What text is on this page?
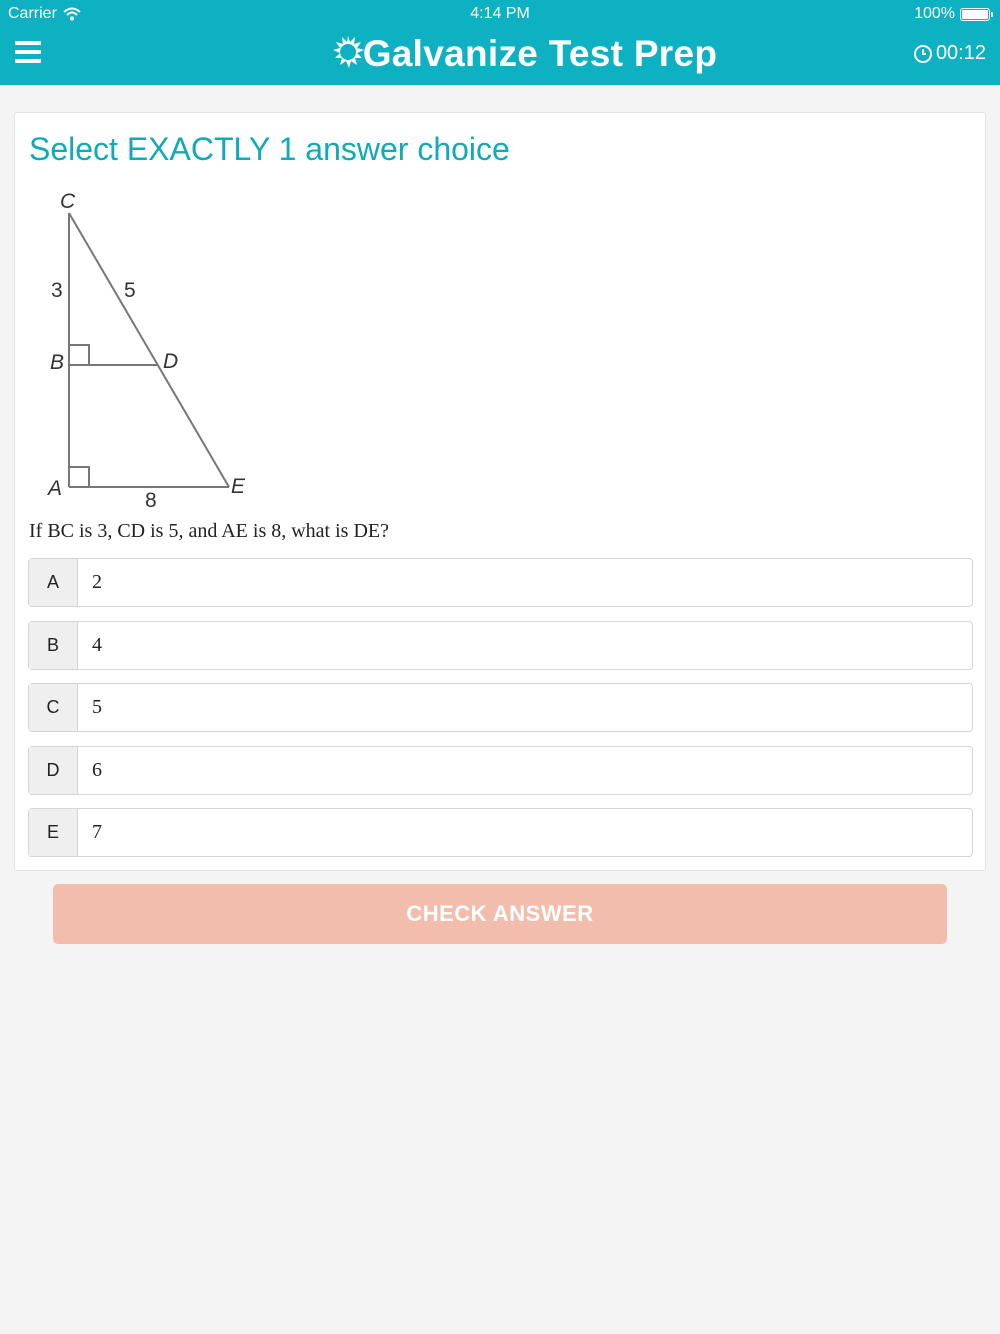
Carrier	4:14 PM	100%
Galvanize Test Prep	00:12
Select EXACTLY 1 answer choice
C
3	5
B	D
A	E
8
If BC is 3, CD is 5, and AE is 8, what is DE?
A	2
B	4
C	5
D	6
E	7
CHECK ANSWER
